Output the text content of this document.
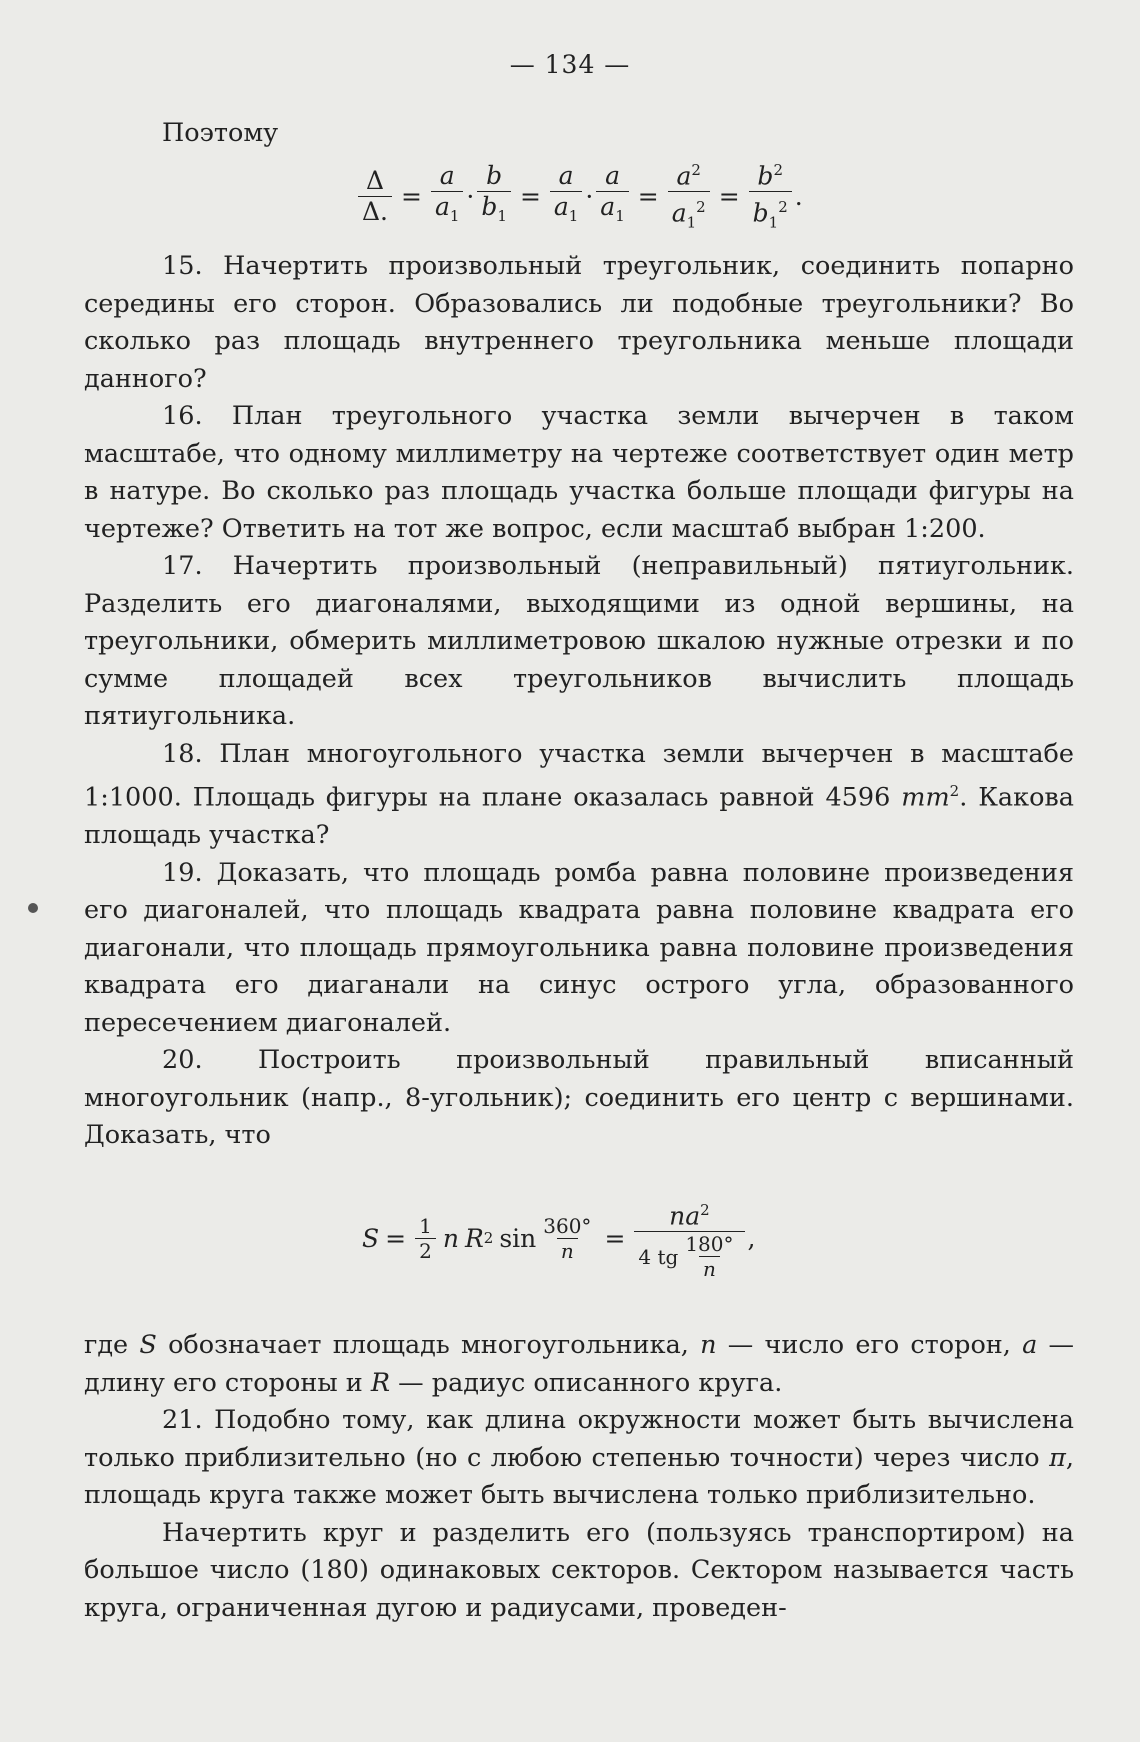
— 134 —

Поэтому

$\frac{\Delta}{\Delta.} = \frac{a}{a_1} \cdot \frac{b}{b_1} = \frac{a}{a_1} \cdot \frac{a}{a_1} = \frac{a^2}{a_1^2} = \frac{b^2}{b_1^2}$ .

15. Начертить произвольный треугольник, соединить попарно середины его сторон. Образовались ли подобные треугольники? Во сколько раз площадь внутреннего треугольника меньше площади данного?

16. План треугольного участка земли вычерчен в таком масштабе, что одному миллиметру на чертеже соответствует один метр в натуре. Во сколько раз площадь участка больше площади фигуры на чертеже? Ответить на тот же вопрос, если масштаб выбран 1:200.

17. Начертить произвольный (неправильный) пятиугольник. Разделить его диагоналями, выходящими из одной вершины, на треугольники, обмерить миллиметровою шкалою нужные отрезки и по сумме площадей всех треугольников вычислить площадь пятиугольника.

18. План многоугольного участка земли вычерчен в масштабе 1:1000. Площадь фигуры на плане оказалась равной 4596 $mm^2$. Какова площадь участка?

19. Доказать, что площадь ромба равна половине произведения его диагоналей, что площадь квадрата равна половине квадрата его диагонали, что площадь прямоугольника равна половине произведения квадрата его диаганали на синус острого угла, образованного пересечением диагоналей.

20. Построить произвольный правильный вписанный многоугольник (напр., 8-угольник); соединить его центр с вершинами. Доказать, что

$S = \frac{1}{2}$ n R 2 $\sin \frac{360^\circ}{n} = \frac{na^2}{4 tg \frac{180^\circ}{n}}$ ,

где S обозначает площадь многоугольника, n — число его сторон, a — длину его стороны и R — радиус описанного круга.

21. Подобно тому, как длина окружности может быть вычислена только приблизительно (но с любою степенью точности) через число π, площадь круга также может быть вычислена только приблизительно.

Начертить круг и разделить его (пользуясь транспортиром) на большое число (180) одинаковых секторов. Сектором называется часть круга, ограниченная дугою и радиусами, проведен-
